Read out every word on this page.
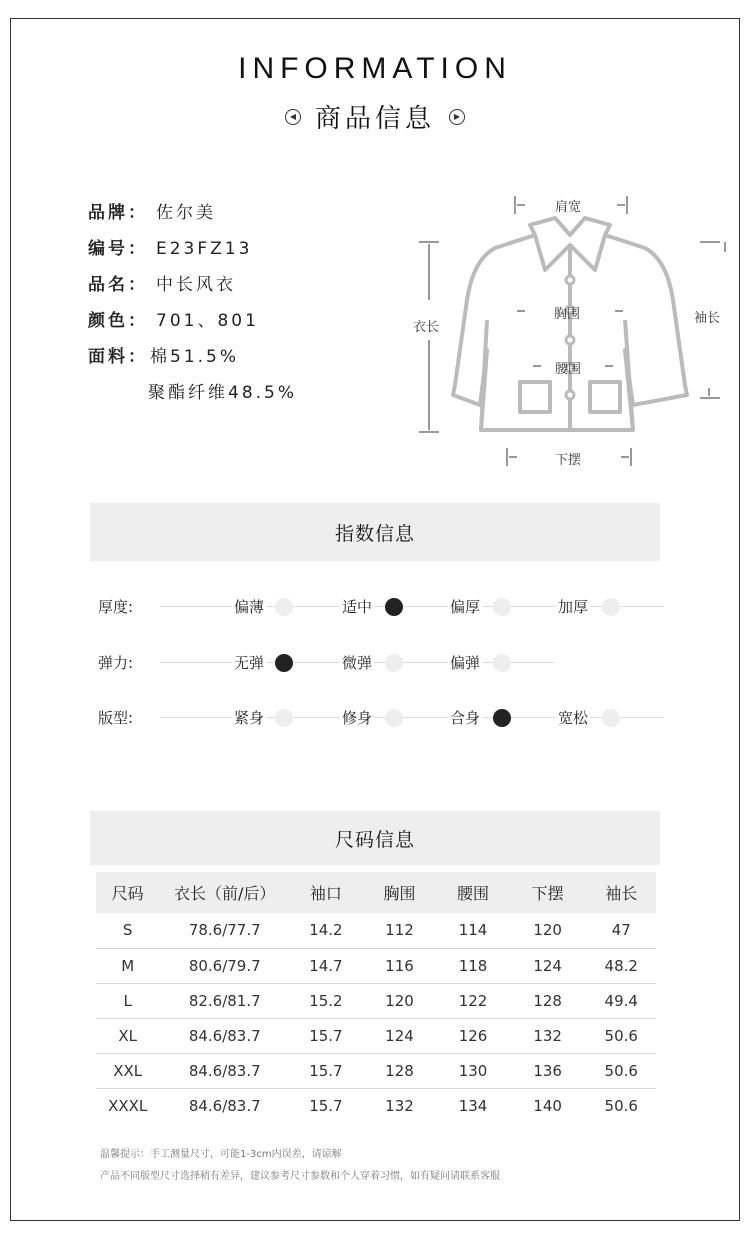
INFORMATION
◀ 商品信息	▶
品牌： 佐尔美
编号： E23FZ13
品名： 中长风衣
颜色： 701、801
面料： 棉51.5%
聚酯纤维48.5%
肩宽
衣长
胸围
腰围
下摆
袖长
指数信息
厚度:	偏薄	适中	偏厚	加厚
弹力:	无弹	微弹	偏弹
版型:	紧身	修身	合身	宽松
尺码信息
尺码	衣长（前/后）	袖口	胸围	腰围	下摆	袖长
S	78.6/77.7	14.2	112	114	120	47
M	80.6/79.7	14.7	116	118	124	48.2
L	82.6/81.7	15.2	120	122	128	49.4
XL	84.6/83.7	15.7	124	126	132	50.6
XXL	84.6/83.7	15.7	128	130	136	50.6
XXXL	84.6/83.7	15.7	132	134	140	50.6
温馨提示：手工测量尺寸，可能1-3cm内误差，请谅解
产品不同版型尺寸选择稍有差异，建议参考尺寸参数和个人穿着习惯，如有疑问请联系客服
